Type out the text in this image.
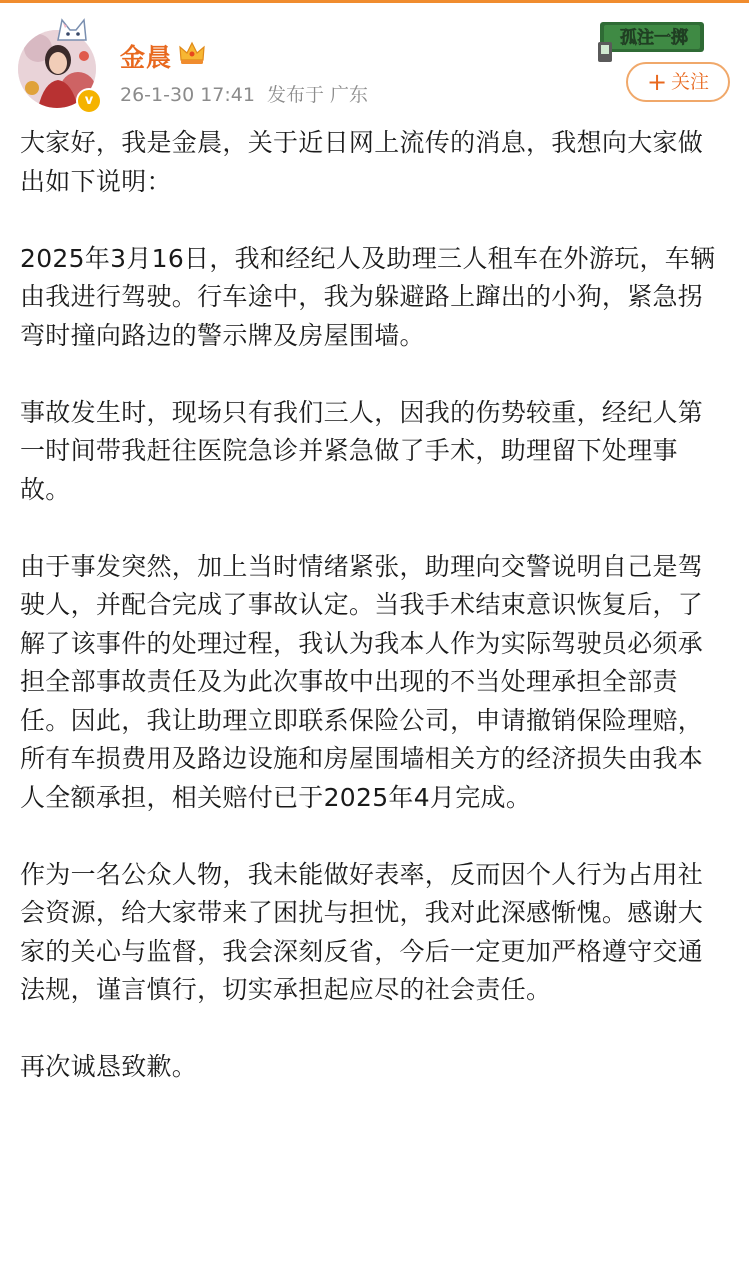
v
金晨
26-1-30 17:41 发布于 广东
孤注一掷
+ 关注

大家好，我是金晨，关于近日网上流传的消息，我想向大家做出如下说明：

2025年3月16日，我和经纪人及助理三人租车在外游玩，车辆由我进行驾驶。行车途中，我为躲避路上蹿出的小狗，紧急拐弯时撞向路边的警示牌及房屋围墙。

事故发生时，现场只有我们三人，因我的伤势较重，经纪人第一时间带我赶往医院急诊并紧急做了手术，助理留下处理事故。

由于事发突然，加上当时情绪紧张，助理向交警说明自己是驾驶人，并配合完成了事故认定。当我手术结束意识恢复后，了解了该事件的处理过程，我认为我本人作为实际驾驶员必须承担全部事故责任及为此次事故中出现的不当处理承担全部责任。因此，我让助理立即联系保险公司，申请撤销保险理赔，所有车损费用及路边设施和房屋围墙相关方的经济损失由我本人全额承担，相关赔付已于2025年4月完成。

作为一名公众人物，我未能做好表率，反而因个人行为占用社会资源，给大家带来了困扰与担忧，我对此深感惭愧。感谢大家的关心与监督，我会深刻反省，今后一定更加严格遵守交通法规，谨言慎行，切实承担起应尽的社会责任。

再次诚恳致歉。
